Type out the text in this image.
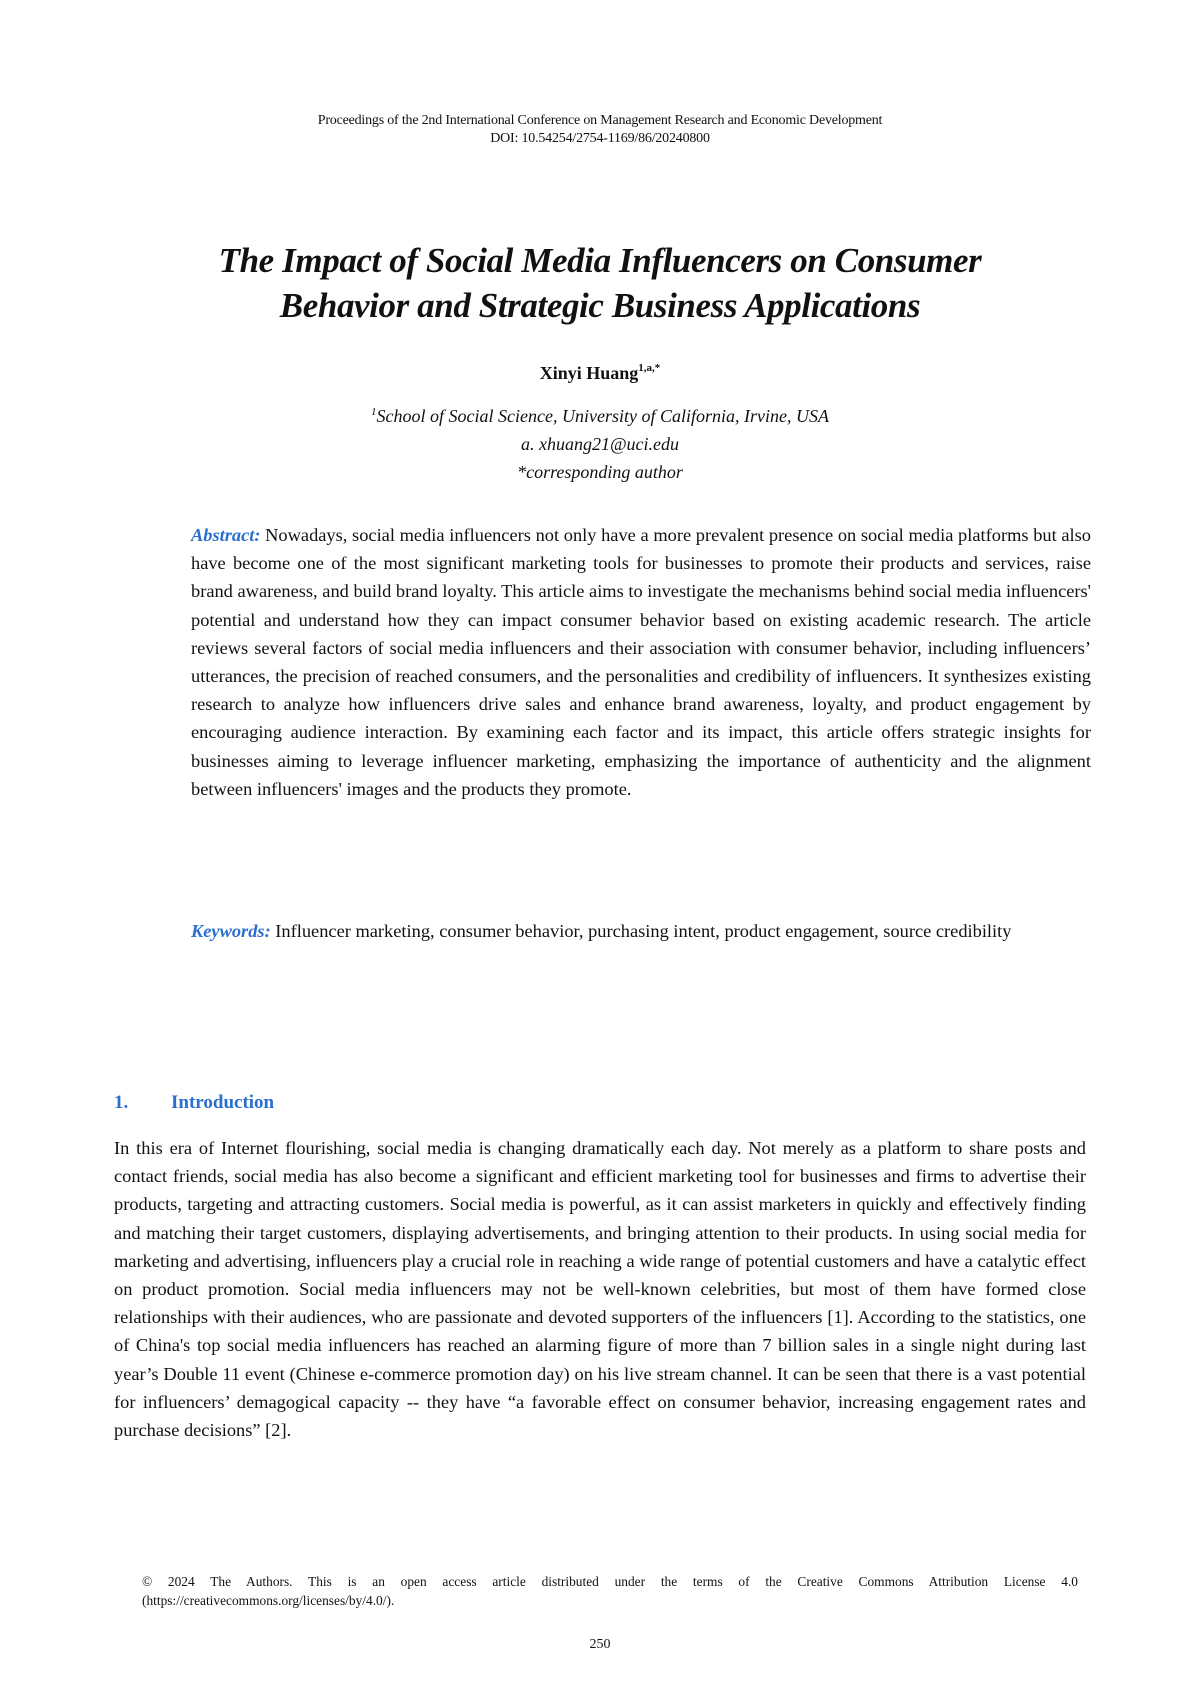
Proceedings of the 2nd International Conference on Management Research and Economic Development
DOI: 10.54254/2754-1169/86/20240800
The Impact of Social Media Influencers on Consumer
Behavior and Strategic Business Applications
Xinyi Huang$^{1,a,*}$
$^1$School of Social Science, University of California, Irvine, USA
a. xhuang21@uci.edu
*corresponding author
Abstract: Nowadays, social media influencers not only have a more prevalent presence on social media platforms but also have become one of the most significant marketing tools for businesses to promote their products and services, raise brand awareness, and build brand loyalty. This article aims to investigate the mechanisms behind social media influencers' potential and understand how they can impact consumer behavior based on existing academic research. The article reviews several factors of social media influencers and their association with consumer behavior, including influencers’ utterances, the precision of reached consumers, and the personalities and credibility of influencers. It synthesizes existing research to analyze how influencers drive sales and enhance brand awareness, loyalty, and product engagement by encouraging audience interaction. By examining each factor and its impact, this article offers strategic insights for businesses aiming to leverage influencer marketing, emphasizing the importance of authenticity and the alignment between influencers' images and the products they promote.
Keywords: Influencer marketing, consumer behavior, purchasing intent, product engagement, source credibility
1. Introduction
In this era of Internet flourishing, social media is changing dramatically each day. Not merely as a platform to share posts and contact friends, social media has also become a significant and efficient marketing tool for businesses and firms to advertise their products, targeting and attracting customers. Social media is powerful, as it can assist marketers in quickly and effectively finding and matching their target customers, displaying advertisements, and bringing attention to their products. In using social media for marketing and advertising, influencers play a crucial role in reaching a wide range of potential customers and have a catalytic effect on product promotion. Social media influencers may not be well-known celebrities, but most of them have formed close relationships with their audiences, who are passionate and devoted supporters of the influencers [1]. According to the statistics, one of China's top social media influencers has reached an alarming figure of more than 7 billion sales in a single night during last year’s Double 11 event (Chinese e-commerce promotion day) on his live stream channel. It can be seen that there is a vast potential for influencers’ demagogical capacity -- they have “a favorable effect on consumer behavior, increasing engagement rates and purchase decisions” [2].
© 2024 The Authors. This is an open access article distributed under the terms of the Creative Commons Attribution License 4.0 (https://creativecommons.org/licenses/by/4.0/).
250
